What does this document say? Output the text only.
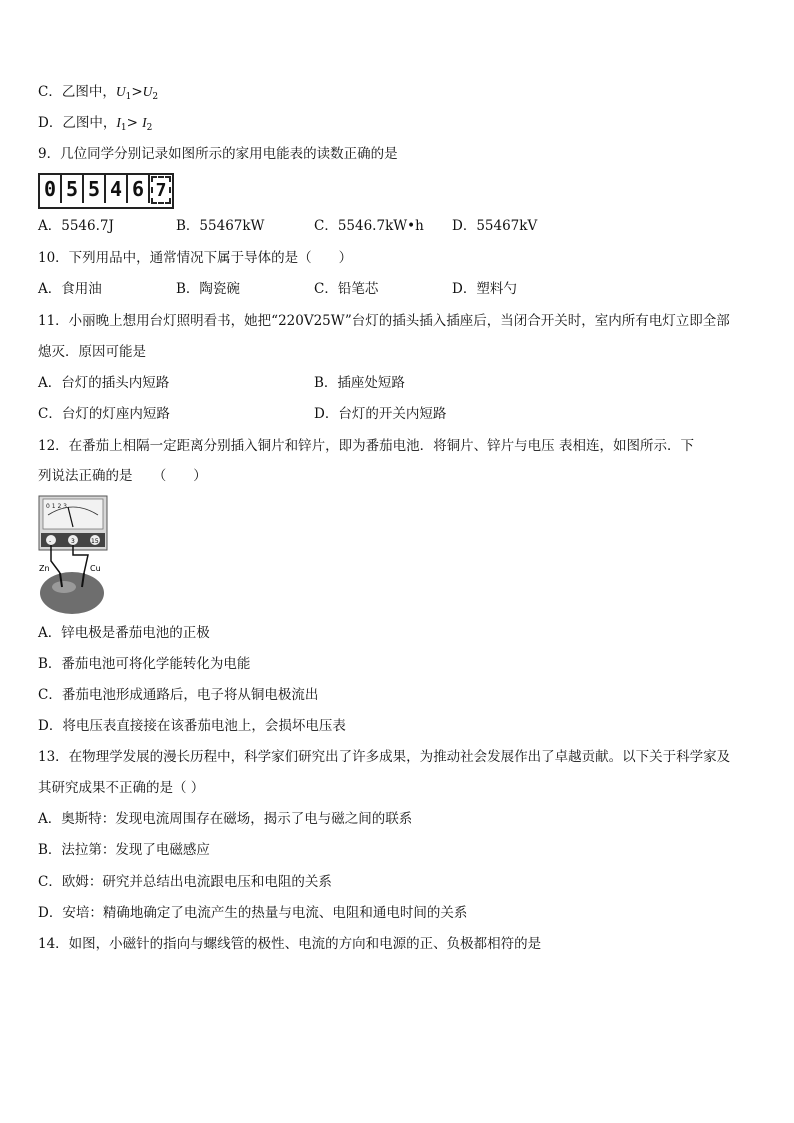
C．乙图中，$U_1>U_2$
D．乙图中，$I_1> I_2$
9．几位同学分别记录如图所示的家用电能表的读数正确的是
0 5 5 4 6 7
A．5546.7J	B．55467kW	C．5546.7kW•h D．55467kV
10．下列用品中，通常情况下属于导体的是（　　）
A．食用油	B．陶瓷碗	C．铅笔芯	D．塑料勺
11．小丽晚上想用台灯照明看书，她把“220V25W”台灯的插头插入插座后，当闭合开关时，室内所有电灯立即全部
熄灭．原因可能是
A．台灯的插头内短路	B．插座处短路
C．台灯的灯座内短路	D．台灯的开关内短路
12．在番茄上相隔一定距离分别插入铜片和锌片，即为番茄电池．将铜片、锌片与电压 表相连，如图所示．下
列说法正确的是　　（　　）
0 1 2 3
-	3	15
Zn	Cu
A．锌电极是番茄电池的正极
B．番茄电池可将化学能转化为电能
C．番茄电池形成通路后，电子将从铜电极流出
D．将电压表直接接在该番茄电池上，会损坏电压表
13．在物理学发展的漫长历程中，科学家们研究出了许多成果，为推动社会发展作出了卓越贡献。以下关于科学家及
其研究成果不正确的是（ ）
A．奥斯特：发现电流周围存在磁场，揭示了电与磁之间的联系
B．法拉第：发现了电磁感应
C．欧姆：研究并总结出电流跟电压和电阻的关系
D．安培：精确地确定了电流产生的热量与电流、电阻和通电时间的关系
14．如图，小磁针的指向与螺线管的极性、电流的方向和电源的正、负极都相符的是
